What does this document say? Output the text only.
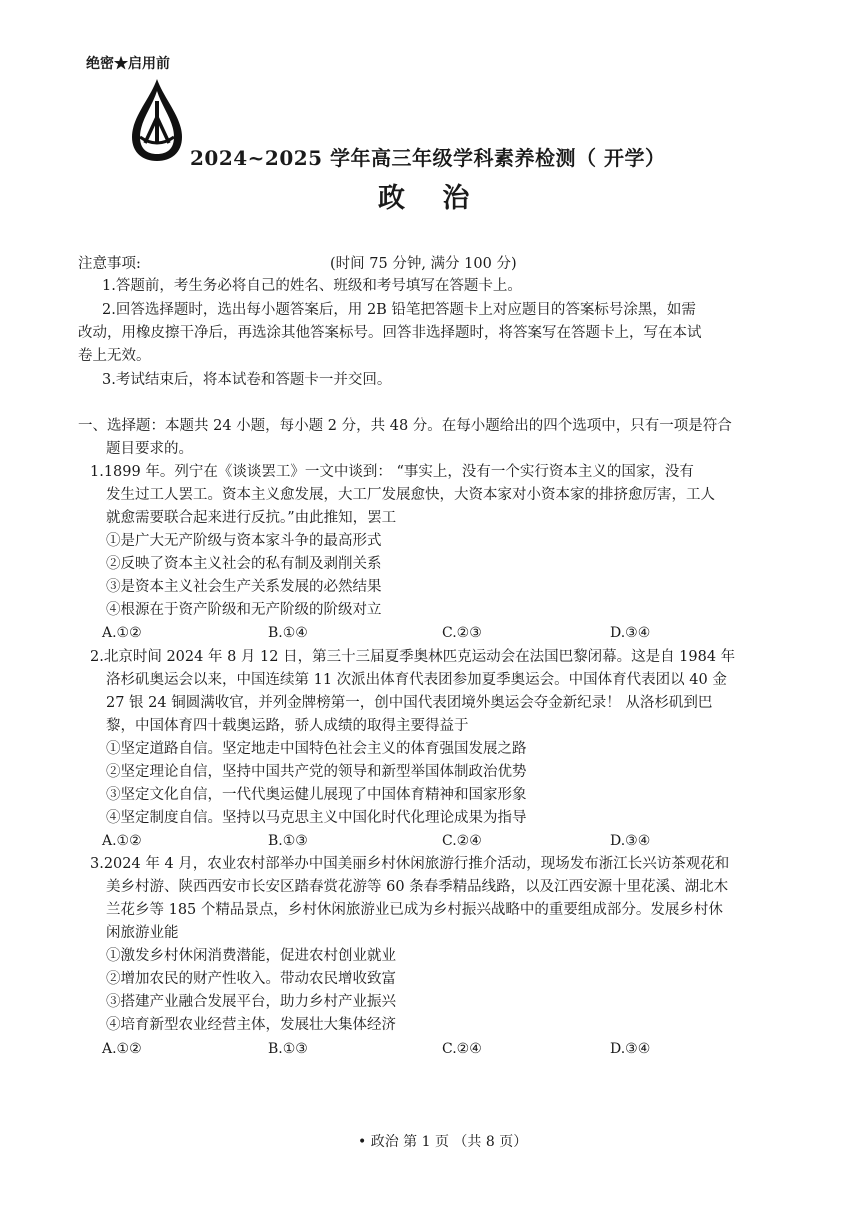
绝密★启用前
2024~2025 学年高三年级学科素养检测（ 开学）
政 治
注意事项:	(时间 75 分钟, 满分 100 分)
1.答题前，考生务必将自己的姓名、班级和考号填写在答题卡上。
2.回答选择题时，选出每小题答案后，用 2B 铅笔把答题卡上对应题目的答案标号涂黑，如需
改动，用橡皮擦干净后，再选涂其他答案标号。回答非选择题时，将答案写在答题卡上，写在本试
卷上无效。
3.考试结束后，将本试卷和答题卡一并交回。
一、选择题：本题共 24 小题，每小题 2 分，共 48 分。在每小题给出的四个选项中，只有一项是符合
题目要求的。
1.1899 年。列宁在《谈谈罢工》一文中谈到： “事实上，没有一个实行资本主义的国家，没有
发生过工人罢工。资本主义愈发展，大工厂发展愈快，大资本家对小资本家的排挤愈厉害，工人
就愈需要联合起来进行反抗。”由此推知，罢工
①是广大无产阶级与资本家斗争的最高形式
②反映了资本主义社会的私有制及剥削关系
③是资本主义社会生产关系发展的必然结果
④根源在于资产阶级和无产阶级的阶级对立
A.①②	B.①④	C.②③	D.③④
2.北京时间 2024 年 8 月 12 日，第三十三届夏季奥林匹克运动会在法国巴黎闭幕。这是自 1984 年
洛杉矶奥运会以来，中国连续第 11 次派出体育代表团参加夏季奥运会。中国体育代表团以 40 金
27 银 24 铜圆满收官，并列金牌榜第一，创中国代表团境外奥运会夺金新纪录！ 从洛杉矶到巴
黎，中国体育四十载奥运路，骄人成绩的取得主要得益于
①坚定道路自信。坚定地走中国特色社会主义的体育强国发展之路
②坚定理论自信，坚持中国共产党的领导和新型举国体制政治优势
③坚定文化自信，一代代奥运健儿展现了中国体育精神和国家形象
④坚定制度自信。坚持以马克思主义中国化时代化理论成果为指导
A.①②	B.①③	C.②④	D.③④
3.2024 年 4 月，农业农村部举办中国美丽乡村休闲旅游行推介活动，现场发布浙江长兴访茶观花和
美乡村游、陕西西安市长安区踏春赏花游等 60 条春季精品线路，以及江西安源十里花溪、湖北木
兰花乡等 185 个精品景点，乡村休闲旅游业已成为乡村振兴战略中的重要组成部分。发展乡村休
闲旅游业能
①激发乡村休闲消费潜能，促进农村创业就业
②增加农民的财产性收入。带动农民增收致富
③搭建产业融合发展平台，助力乡村产业振兴
④培育新型农业经营主体，发展壮大集体经济
A.①②	B.①③	C.②④	D.③④
• 政治 第 1 页 （共 8 页）
